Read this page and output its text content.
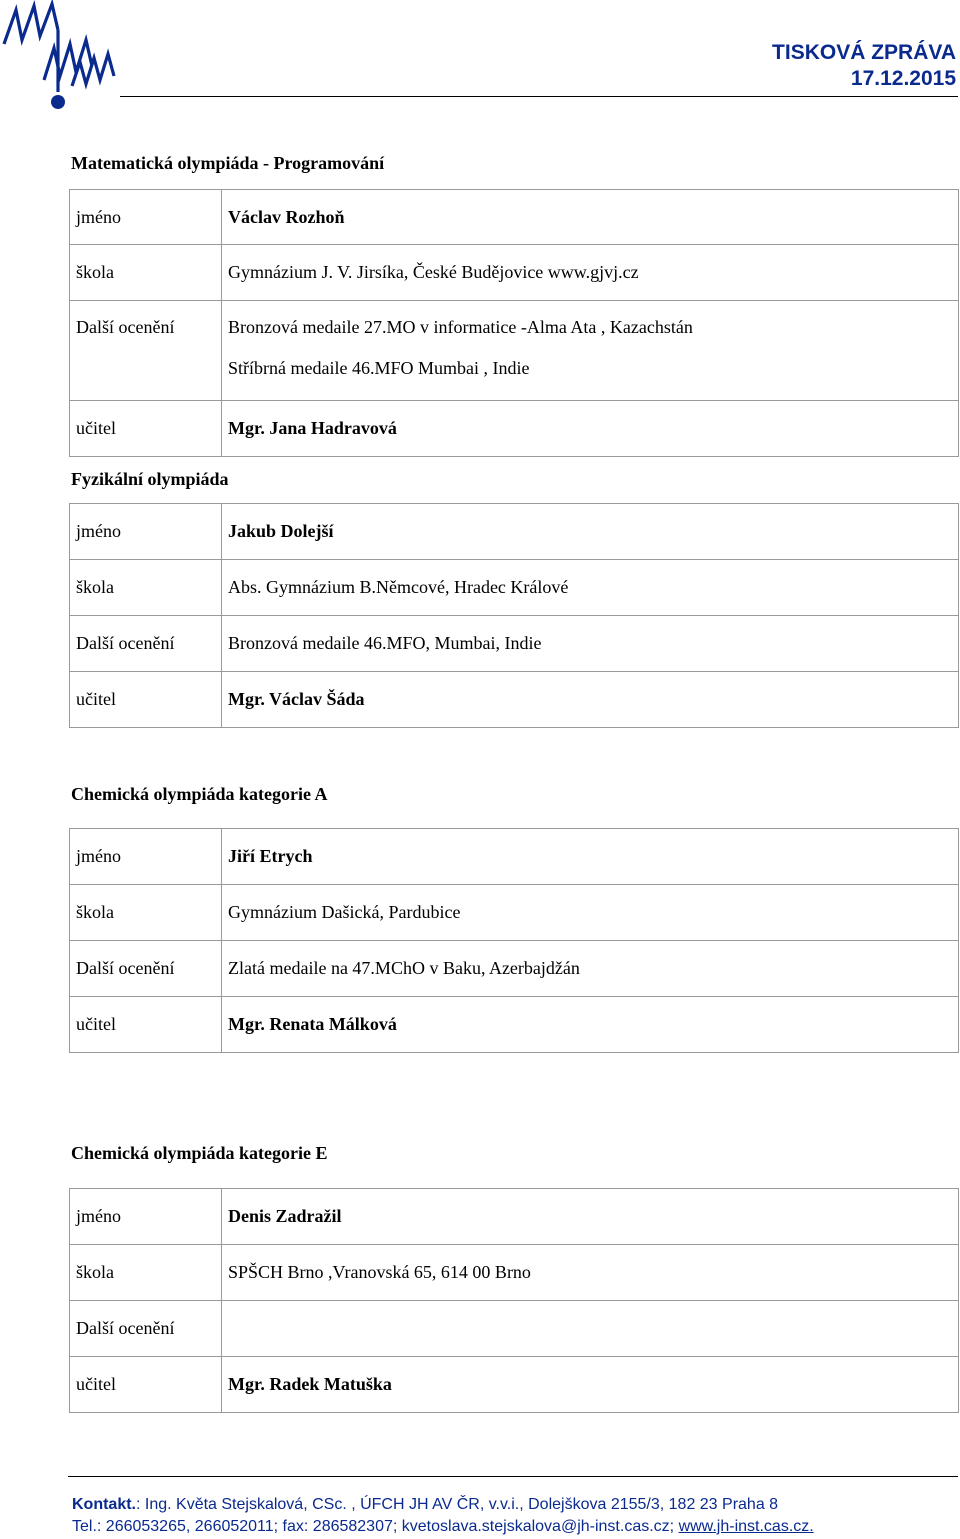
TISKOVÁ ZPRÁVA
17.12.2015
Matematická olympiáda - Programování
jméno	Václav Rozhoň
škola	Gymnázium J. V. Jirsíka, České Budějovice www.gjvj.cz
Další ocenění	Bronzová medaile 27.MO v informatice -Alma Ata , Kazachstán
Stříbrná medaile 46.MFO Mumbai , Indie

učitel	Mgr. Jana Hadravová
Fyzikální olympiáda
jméno	Jakub Dolejší
škola	Abs. Gymnázium B.Němcové, Hradec Králové
Další ocenění	Bronzová medaile 46.MFO, Mumbai, Indie
učitel	Mgr. Václav Šáda
Chemická olympiáda kategorie A
jméno	Jiří Etrych
škola	Gymnázium Dašická, Pardubice
Další ocenění	Zlatá medaile na 47.MChO v Baku, Azerbajdžán
učitel	Mgr. Renata Málková
Chemická olympiáda kategorie E
jméno	Denis Zadražil
škola	SPŠCH Brno ,Vranovská 65, 614 00 Brno
Další ocenění	
učitel	Mgr. Radek Matuška
Kontakt.: Ing. Květa Stejskalová, CSc. , ÚFCH JH AV ČR, v.v.i., Dolejškova 2155/3, 182 23 Praha 8
Tel.: 266053265, 266052011; fax: 286582307; kvetoslava.stejskalova@jh-inst.cas.cz; www.jh-inst.cas.cz.
